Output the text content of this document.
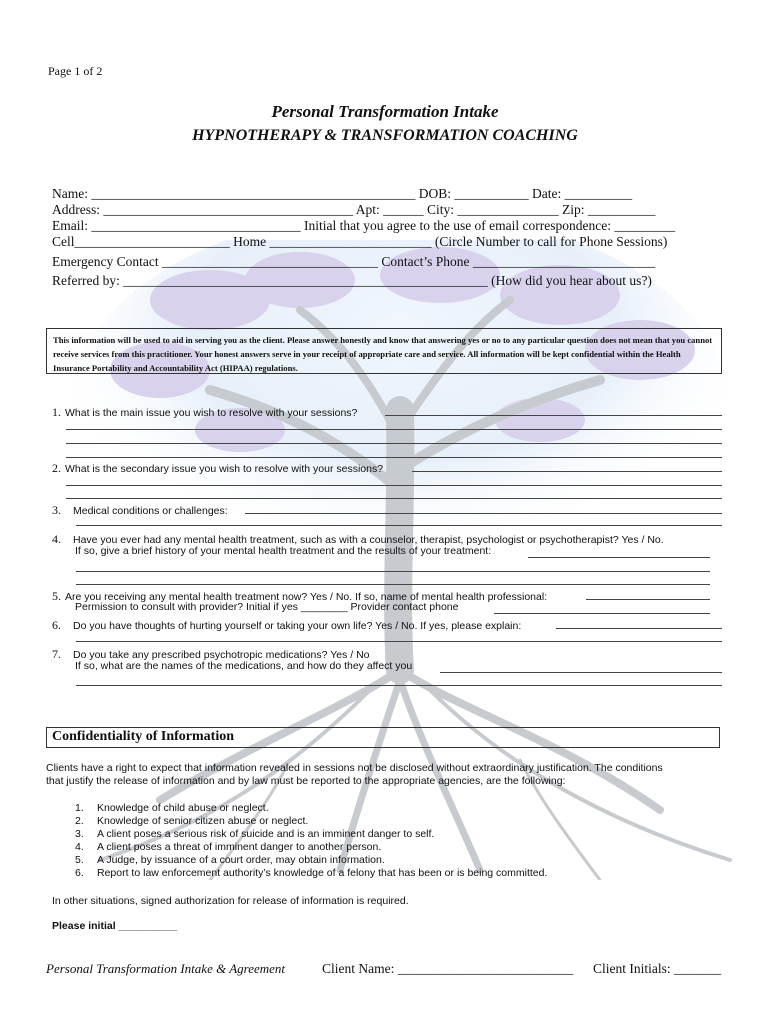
Page 1 of 2
Personal Transformation Intake
HYPNOTHERAPY & TRANSFORMATION COACHING
Name: ________________________________________________ DOB: ___________ Date: __________
Address: _____________________________________ Apt: ______ City: _______________ Zip: __________
Email: _______________________________ Initial that you agree to the use of email correspondence: _________
Cell_______________________ Home ________________________ (Circle Number to call for Phone Sessions)
Emergency Contact ________________________________ Contact’s Phone ___________________________
Referred by: ______________________________________________________ (How did you hear about us?)
This information will be used to aid in serving you as the client. Please answer honestly and know that answering yes or no to any particular question does not mean that you cannot receive services from this practitioner. Your honest answers serve in your receipt of appropriate care and service. All information will be kept confidential within the Health Insurance Portability and Accountability Act (HIPAA) regulations.
1. What is the main issue you wish to resolve with your sessions?
2. What is the secondary issue you wish to resolve with your sessions?
3. Medical conditions or challenges:
4. Have you ever had any mental health treatment, such as with a counselor, therapist, psychologist or psychotherapist? Yes / No.
If so, give a brief history of your mental health treatment and the results of your treatment:
5. Are you receiving any mental health treatment now? Yes / No. If so, name of mental health professional:
Permission to consult with provider? Initial if yes ________ Provider contact phone
6. Do you have thoughts of hurting yourself or taking your own life? Yes / No. If yes, please explain:
7. Do you take any prescribed psychotropic medications? Yes / No
If so, what are the names of the medications, and how do they affect you
Confidentiality of Information
Clients have a right to expect that information revealed in sessions not be disclosed without extraordinary justification. The conditions
that justify the release of information and by law must be reported to the appropriate agencies, are the following:
1. Knowledge of child abuse or neglect.
2. Knowledge of senior citizen abuse or neglect.
3. A client poses a serious risk of suicide and is an imminent danger to self.
4. A client poses a threat of imminent danger to another person.
5. A Judge, by issuance of a court order, may obtain information.
6. Report to law enforcement authority’s knowledge of a felony that has been or is being committed.
In other situations, signed authorization for release of information is required.
Please initial __________
Personal Transformation Intake & Agreement	Client Name: __________________________ Client Initials: _______
